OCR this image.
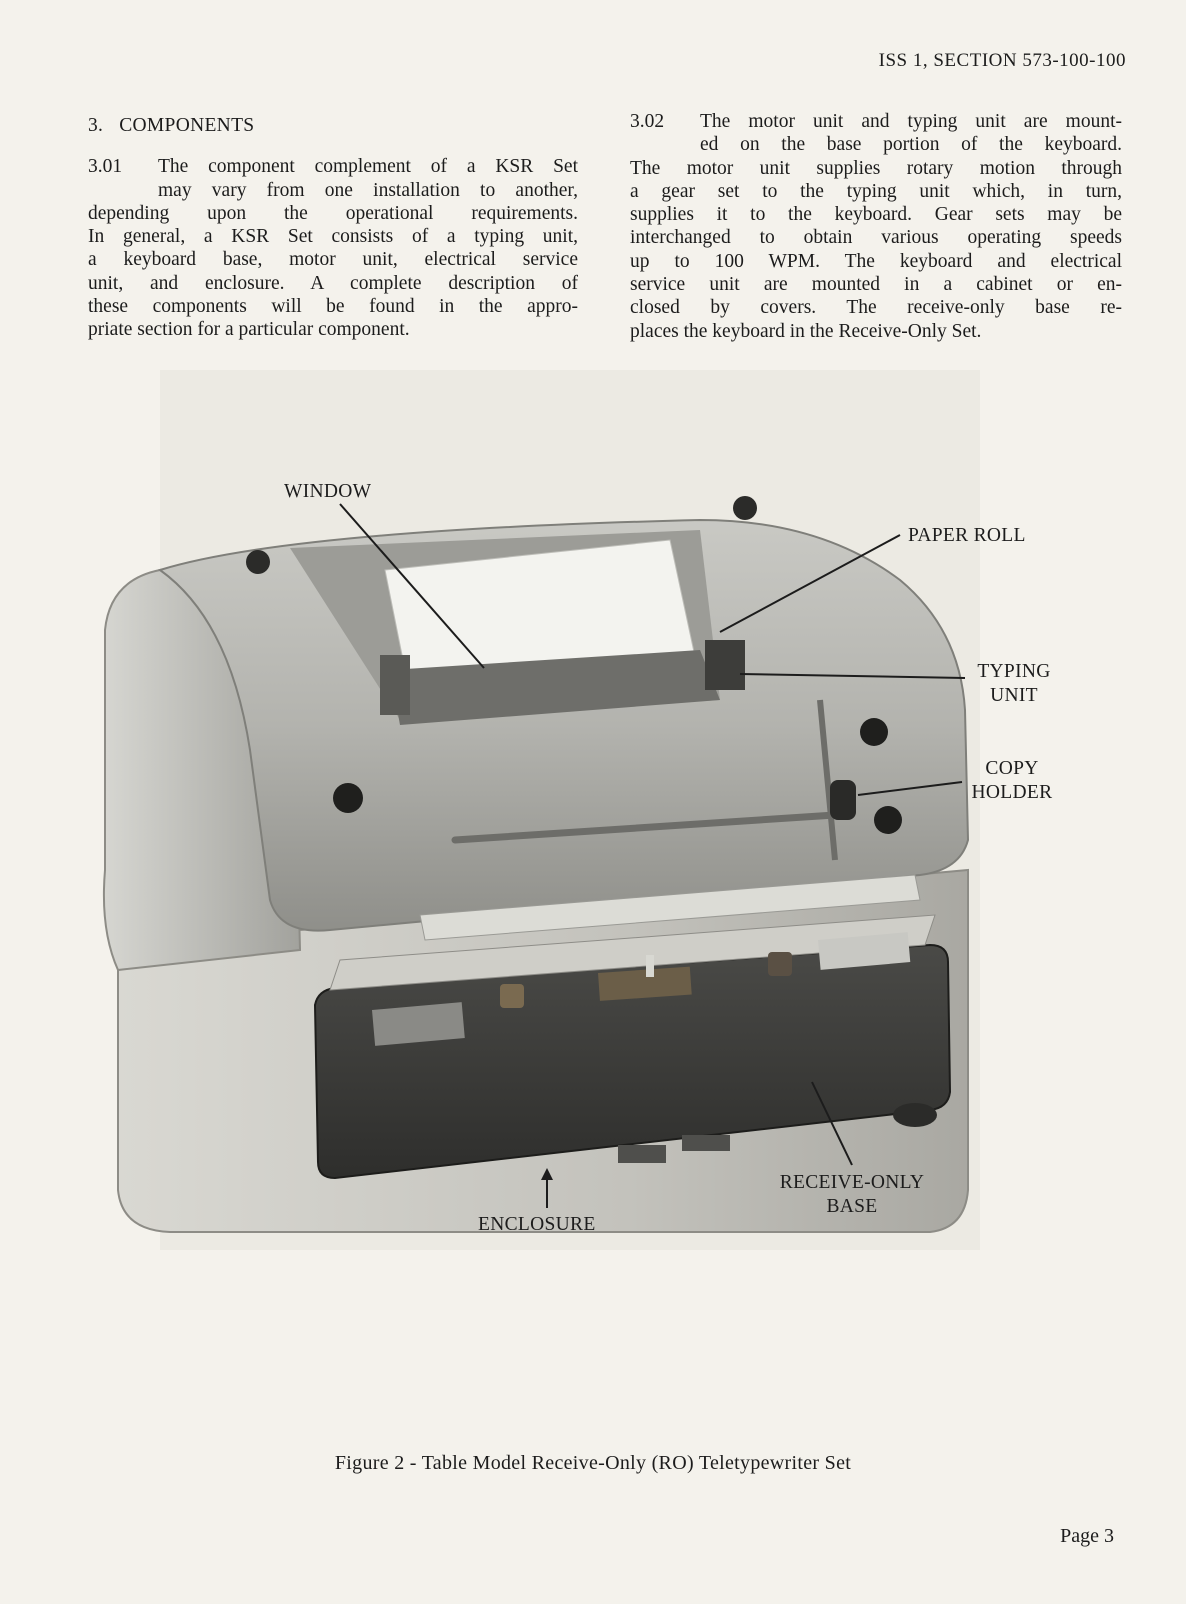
ISS 1, SECTION 573-100-100
3. COMPONENTS
3.01 The component complement of a KSR Set
may vary from one installation to another,
depending upon the operational requirements.
In general, a KSR Set consists of a typing unit,
a keyboard base, motor unit, electrical service
unit, and enclosure. A complete description of
these components will be found in the appro-
priate section for a particular component.
3.02 The motor unit and typing unit are mount-
ed on the base portion of the keyboard.
The motor unit supplies rotary motion through
a gear set to the typing unit which, in turn,
supplies it to the keyboard. Gear sets may be
interchanged to obtain various operating speeds
up to 100 WPM. The keyboard and electrical
service unit are mounted in a cabinet or en-
closed by covers. The receive-only base re-
places the keyboard in the Receive-Only Set.
WINDOW
PAPER ROLL
TYPING
UNIT
COPY
HOLDER
RECEIVE-ONLY
BASE
ENCLOSURE
Figure 2 - Table Model Receive-Only (RO) Teletypewriter Set
Page 3
